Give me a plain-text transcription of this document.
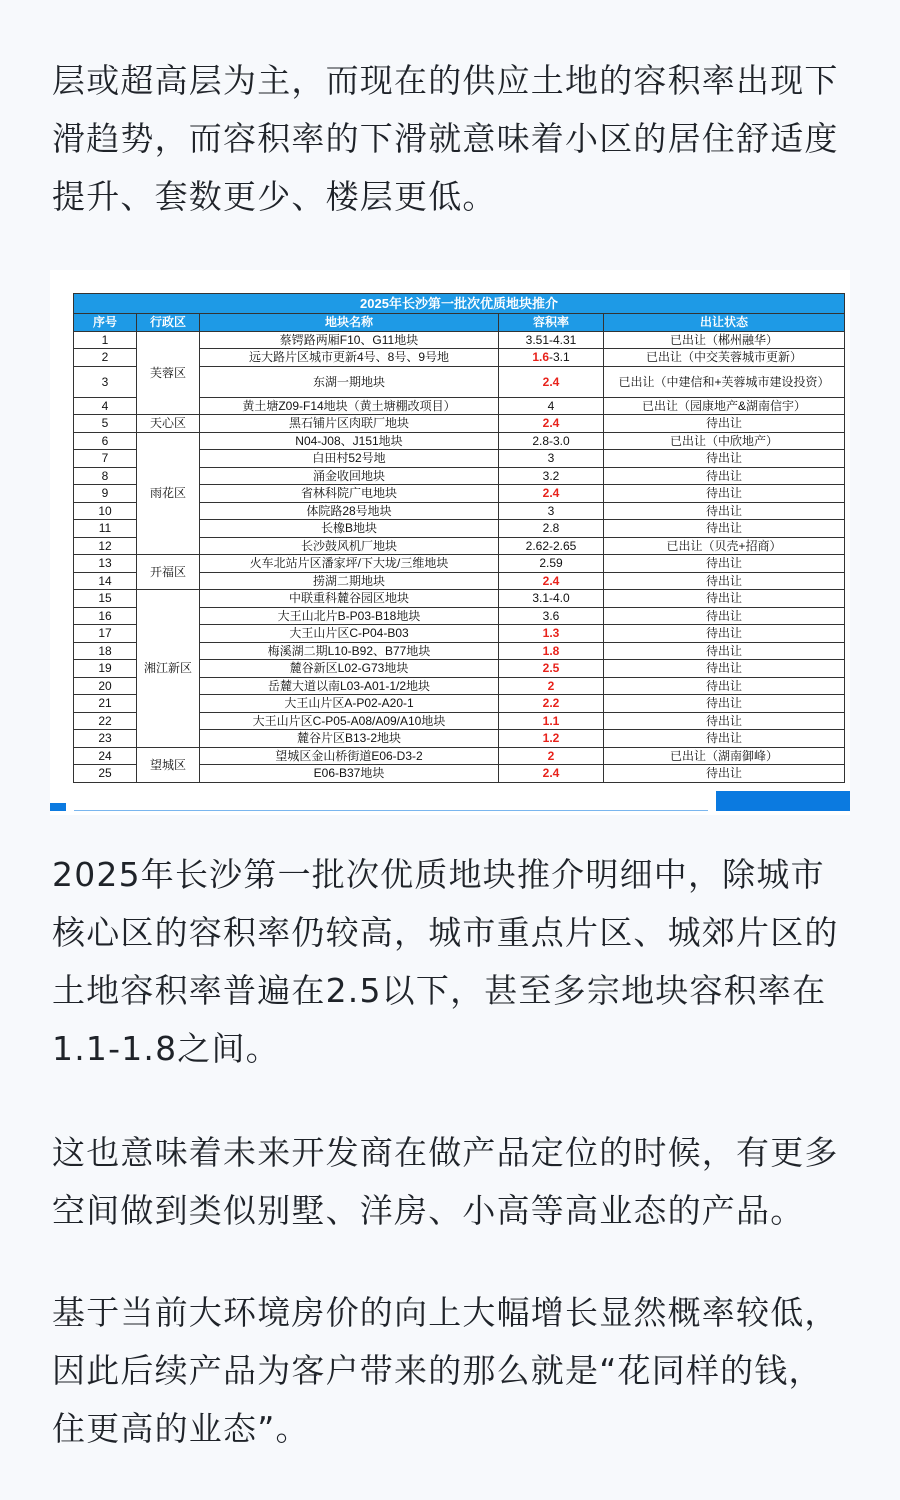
层或超高层为主，而现在的供应土地的容积率出现下滑趋势，而容积率的下滑就意味着小区的居住舒适度提升、套数更少、楼层更低。

2025年长沙第一批次优质地块推介				
序号	行政区	地块名称	容积率	出让状态
1	芙蓉区	蔡锷路两厢F10、G11地块	3.51-4.31	已出让（郴州融华）
2		远大路片区城市更新4号、8号、9号地	1.6-3.1	已出让（中交芙蓉城市更新）
3		东湖一期地块	2.4	已出让（中建信和+芙蓉城市建设投资）
4		黄土塘Z09-F14地块（黄土塘棚改项目）	4	已出让（园康地产&湖南信宇）
5	天心区	黑石铺片区肉联厂地块	2.4	待出让
6	雨花区	N04-J08、J151地块	2.8-3.0	已出让（中欣地产）
7		白田村52号地	3	待出让
8		涌金收回地块	3.2	待出让
9		省林科院广电地块	2.4	待出让
10		体院路28号地块	3	待出让
11		长橡B地块	2.8	待出让
12		长沙鼓风机厂地块	2.62-2.65	已出让（贝壳+招商）
13	开福区	火车北站片区潘家坪/下大垅/三维地块	2.59	待出让
14		捞湖二期地块	2.4	待出让
15	湘江新区	中联重科麓谷园区地块	3.1-4.0	待出让
16		大王山北片B-P03-B18地块	3.6	待出让
17		大王山片区C-P04-B03	1.3	待出让
18		梅溪湖二期L10-B92、B77地块	1.8	待出让
19		麓谷新区L02-G73地块	2.5	待出让
20		岳麓大道以南L03-A01-1/2地块	2	待出让
21		大王山片区A-P02-A20-1	2.2	待出让
22		大王山片区C-P05-A08/A09/A10地块	1.1	待出让
23		麓谷片区B13-2地块	1.2	待出让
24	望城区	望城区金山桥街道E06-D3-2	2	已出让（湖南御峰）
25		E06-B37地块	2.4	待出让

2025年长沙第一批次优质地块推介明细中，除城市核心区的容积率仍较高，城市重点片区、城郊片区的土地容积率普遍在2.5以下，甚至多宗地块容积率在1.1-1.8之间。

这也意味着未来开发商在做产品定位的时候，有更多空间做到类似别墅、洋房、小高等高业态的产品。

基于当前大环境房价的向上大幅增长显然概率较低，因此后续产品为客户带来的那么就是“花同样的钱，住更高的业态”。
